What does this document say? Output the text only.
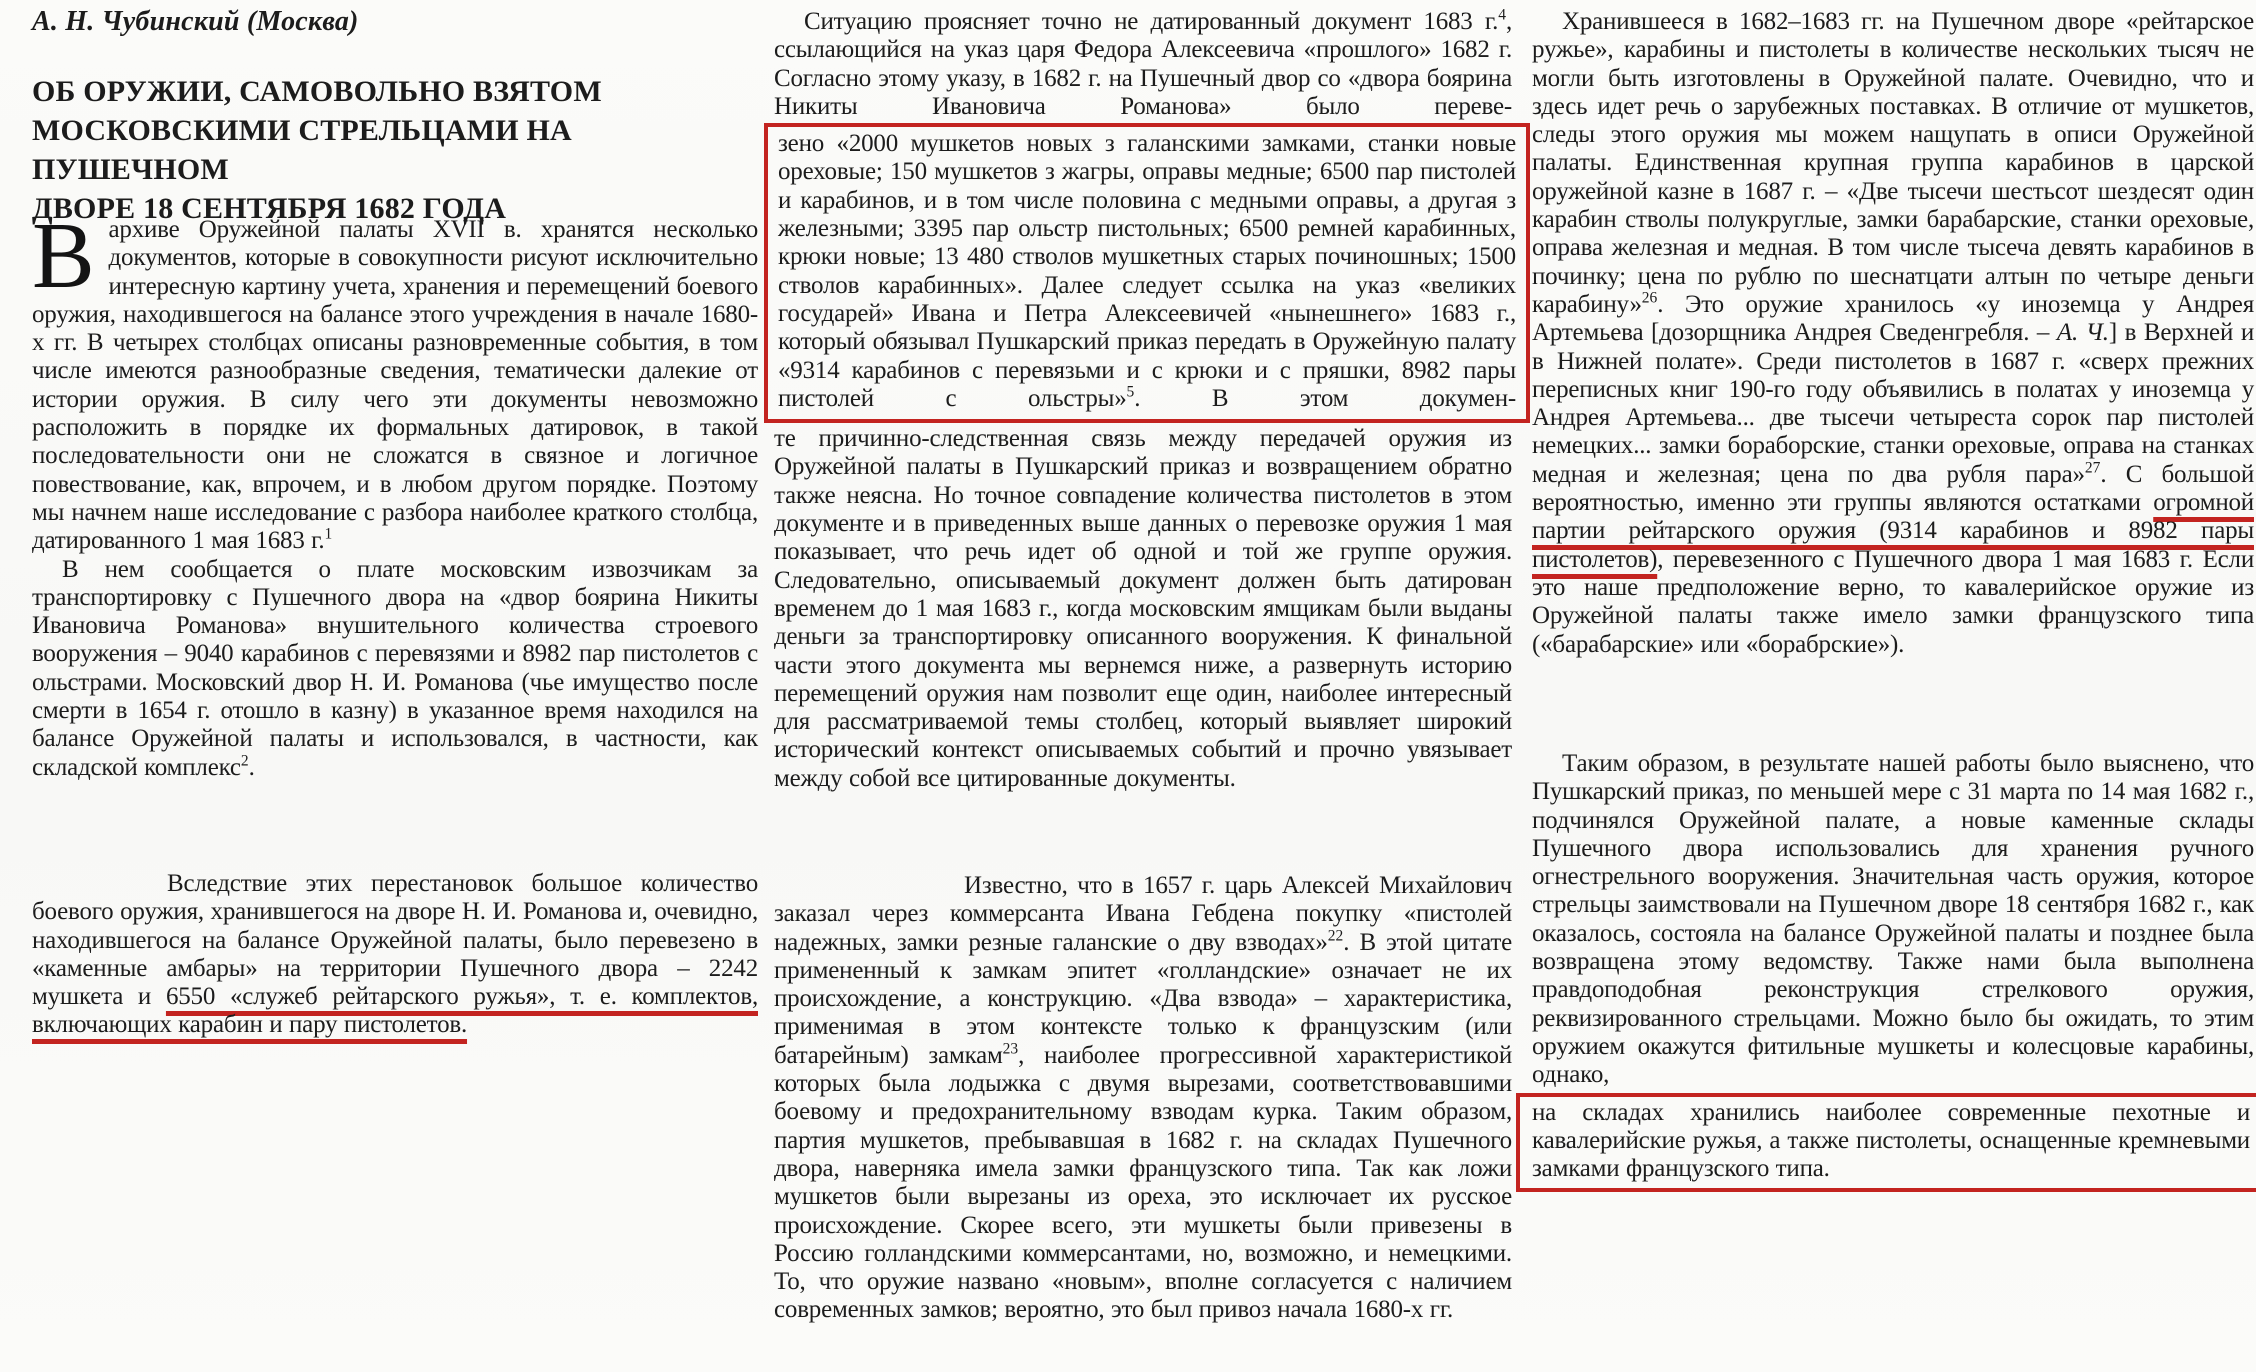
А. Н. Чубинский (Москва)
ОБ ОРУЖИИ, САМОВОЛЬНО ВЗЯТОМ
МОСКОВСКИМИ СТРЕЛЬЦАМИ НА ПУШЕЧНОМ
ДВОРЕ 18 СЕНТЯБРЯ 1682 ГОДА

Вархиве Оружейной палаты XVII в. хранятся несколько документов, которые в совокупности рисуют исключительно интересную картину учета, хранения и перемещений боевого оружия, находившегося на балансе этого учреждения в начале 1680-х гг. В четырех столбцах описаны разновременные события, в том числе имеются разнообразные сведения, тематически далекие от истории оружия. В силу чего эти документы невозможно расположить в порядке их формальных датировок, в такой последовательности они не сложатся в связное и логичное повествование, как, впрочем, и в любом другом порядке. Поэтому мы начнем наше исследование с разбора наиболее краткого столбца, датированного 1 мая 1683 г.$^1$

В нем сообщается о плате московским извозчикам за транспортировку с Пушечного двора на «двор боярина Никиты Ивановича Романова» внушительного количества строевого вооружения – 9040 карабинов с перевязями и 8982 пар пистолетов с ольстрами. Московский двор Н. И. Романова (чье имущество после смерти в 1654 г. отошло в казну) в указанное время находился на балансе Оружейной палаты и использовался, в частности, как складской комплекс$^2$.

Вследствие этих перестановок большое количество боевого оружия, хранившегося на дворе Н. И. Романова и, очевидно, находившегося на балансе Оружейной палаты, было перевезено в «каменные амбары» на территории Пушечного двора – 2242 мушкета и 6550 «служеб рейтарского ружья», т. е. комплектов, включающих карабин и пару пистолетов.

Ситуацию проясняет точно не датированный документ 1683 г.$^4$, ссылающийся на указ царя Федора Алексеевича «прошлого» 1682 г. Согласно этому указу, в 1682 г. на Пушечный двор со «двора боярина Никиты Ивановича Романова» было переве-

зено «2000 мушкетов новых з галанскими замками, станки новые ореховые; 150 мушкетов з жагры, оправы медные; 6500 пар пистолей и карабинов, и в том числе половина с медными оправы, а другая з железными; 3395 пар ольстр пистольных; 6500 ремней карабинных, крюки новые; 13 480 стволов мушкетных старых починошных; 1500 стволов карабинных». Далее следует ссылка на указ «великих государей» Ивана и Петра Алексеевичей «нынешнего» 1683 г., который обязывал Пушкарский приказ передать в Оружейную палату «9314 карабинов с перевязьми и с крюки и с пряшки, 8982 пары пистолей с ольстры»$^5$. В этом докумен-

те причинно-следственная связь между передачей оружия из Оружейной палаты в Пушкарский приказ и возвращением обратно также неясна. Но точное совпадение количества пистолетов в этом документе и в приведенных выше данных о перевозке оружия 1 мая показывает, что речь идет об одной и той же группе оружия. Следовательно, описываемый документ должен быть датирован временем до 1 мая 1683 г., когда московским ямщикам были выданы деньги за транспортировку описанного вооружения. К финальной части этого документа мы вернемся ниже, а развернуть историю перемещений оружия нам позволит еще один, наиболее интересный для рассматриваемой темы столбец, который выявляет широкий исторический контекст описываемых событий и прочно увязывает между собой все цитированные документы.

Известно, что в 1657 г. царь Алексей Михайлович заказал через коммерсанта Ивана Гебдена покупку «пистолей надежных, замки резные галанские о дву взводах»$^{22}$. В этой цитате примененный к замкам эпитет «голландские» означает не их происхождение, а конструкцию. «Два взвода» – характеристика, применимая в этом контексте только к французским (или батарейным) замкам$^{23}$, наиболее прогрессивной характеристикой которых была лодыжка с двумя вырезами, соответствовавшими боевому и предохранительному взводам курка. Таким образом, партия мушкетов, пребывавшая в 1682 г. на складах Пушечного двора, наверняка имела замки французского типа. Так как ложи мушкетов были вырезаны из ореха, это исключает их русское происхождение. Скорее всего, эти мушкеты были привезены в Россию голландскими коммерсантами, но, возможно, и немецкими. То, что оружие названо «новым», вполне согласуется с наличием современных замков; вероятно, это был привоз начала 1680-х гг.

Хранившееся в 1682–1683 гг. на Пушечном дворе «рейтарское ружье», карабины и пистолеты в количестве нескольких тысяч не могли быть изготовлены в Оружейной палате. Очевидно, что и здесь идет речь о зарубежных поставках. В отличие от мушкетов, следы этого оружия мы можем нащупать в описи Оружейной палаты. Единственная крупная группа карабинов в царской оружейной казне в 1687 г. – «Две тысечи шестьсот шездесят один карабин стволы полукруглые, замки барабарские, станки ореховые, оправа железная и медная. В том числе тысеча девять карабинов в починку; цена по рублю по шеснатцати алтын по четыре деньги карабину»$^{26}$. Это оружие хранилось «у иноземца у Андрея Артемьева [дозорщника Андрея Сведенгребля. – А. Ч.] в Верхней и в Нижней полате». Среди пистолетов в 1687 г. «сверх прежних переписных книг 190-го году объявились в полатах у иноземца у Андрея Артемьева... две тысечи четыреста сорок пар пистолей немецких... замки бораборские, станки ореховые, оправа на станках медная и железная; цена по два рубля пара»$^{27}$. С большой вероятностью, именно эти группы являются остатками огромной партии рейтарского оружия (9314 карабинов и 8982 пары пистолетов), перевезенного с Пушечного двора 1 мая 1683 г. Если это наше предположение верно, то кавалерийское оружие из Оружейной палаты также имело замки французского типа («барабарские» или «борабрские»).

Таким образом, в результате нашей работы было выяснено, что Пушкарский приказ, по меньшей мере с 31 марта по 14 мая 1682 г., подчинялся Оружейной палате, а новые каменные склады Пушечного двора использовались для хранения ручного огнестрельного вооружения. Значительная часть оружия, которое стрельцы заимствовали на Пушечном дворе 18 сентября 1682 г., как оказалось, состояла на балансе Оружейной палаты и позднее была возвращена этому ведомству. Также нами была выполнена правдоподобная реконструкция стрелкового оружия, реквизированного стрельцами. Можно было бы ожидать, то этим оружием окажутся фитильные мушкеты и колесцовые карабины, однако,

на складах хранились наиболее современные пехотные и кавалерийские ружья, а также пистолеты, оснащенные кремневыми замками французского типа.
